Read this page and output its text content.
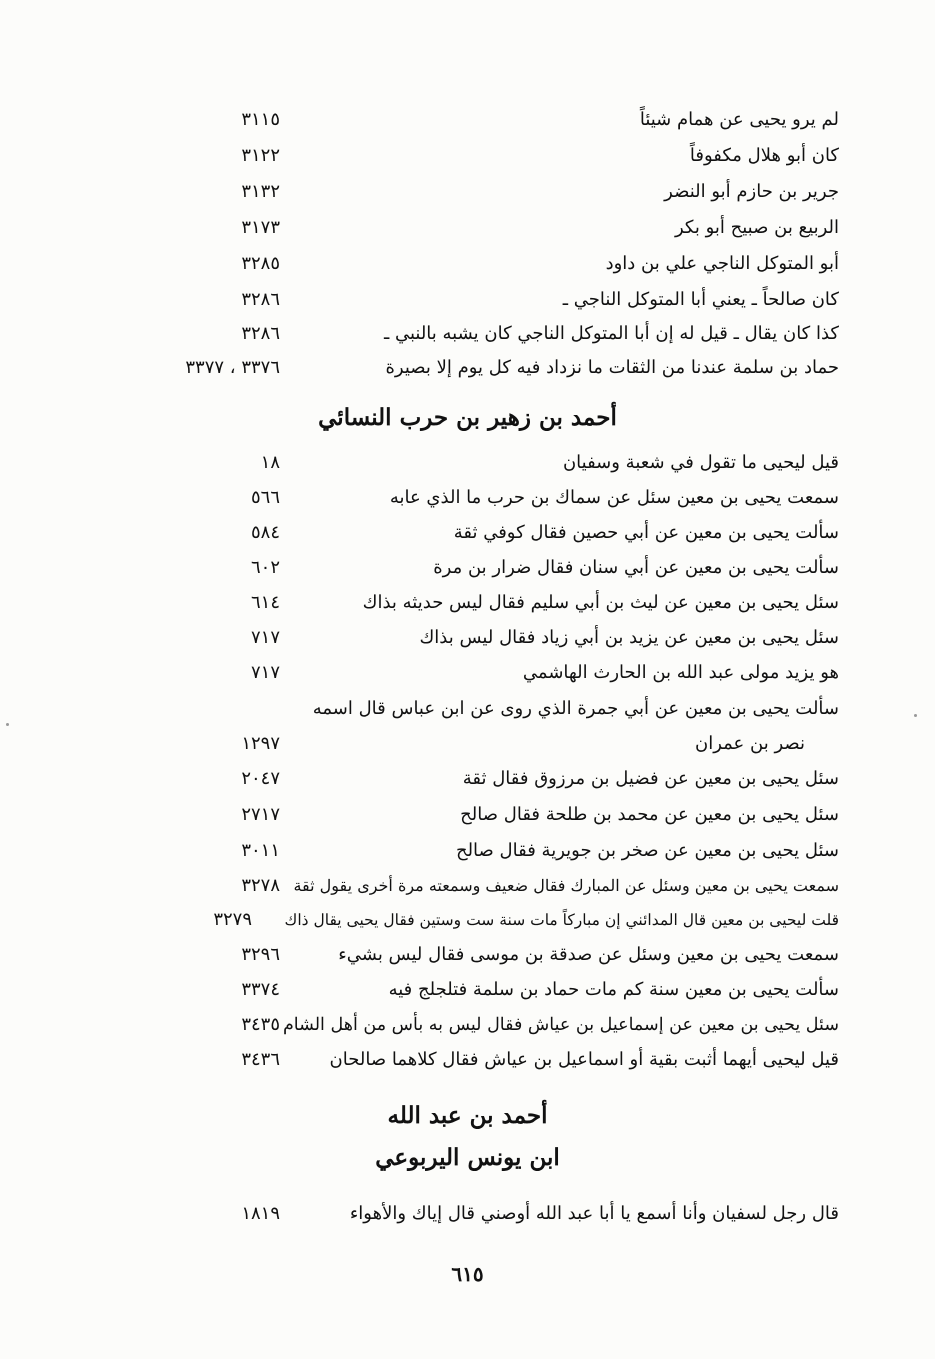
لم يرو يحيى عن همام شيئاً
٣١١٥
كان أبو هلال مكفوفاً
٣١٢٢
جرير بن حازم أبو النضر
٣١٣٢
الربيع بن صبيح أبو بكر
٣١٧٣
أبو المتوكل الناجي علي بن داود
٣٢٨٥
كان صالحاً ـ يعني أبا المتوكل الناجي ـ
٣٢٨٦
كذا كان يقال ـ قيل له إن أبا المتوكل الناجي كان يشبه بالنبي ـ
٣٢٨٦
حماد بن سلمة عندنا من الثقات ما نزداد فيه كل يوم إلا بصيرة
٣٣٧٦ ، ٣٣٧٧
أحمد بن زهير بن حرب النسائي
قيل ليحيى ما تقول في شعبة وسفيان
١٨
سمعت يحيى بن معين سئل عن سماك بن حرب ما الذي عابه
٥٦٦
سألت يحيى بن معين عن أبي حصين فقال كوفي ثقة
٥٨٤
سألت يحيى بن معين عن أبي سنان فقال ضرار بن مرة
٦٠٢
سئل يحيى بن معين عن ليث بن أبي سليم فقال ليس حديثه بذاك
٦١٤
سئل يحيى بن معين عن يزيد بن أبي زياد فقال ليس بذاك
٧١٧
هو يزيد مولى عبد الله بن الحارث الهاشمي
٧١٧
سألت يحيى بن معين عن أبي جمرة الذي روى عن ابن عباس قال اسمه
نصر بن عمران
١٢٩٧
سئل يحيى بن معين عن فضيل بن مرزوق فقال ثقة
٢٠٤٧
سئل يحيى بن معين عن محمد بن طلحة فقال صالح
٢٧١٧
سئل يحيى بن معين عن صخر بن جويرية فقال صالح
٣٠١١
سمعت يحيى بن معين وسئل عن المبارك فقال ضعيف وسمعته مرة أخرى يقول ثقة
٣٢٧٨
قلت ليحيى بن معين قال المدائني إن مباركاً مات سنة ست وستين فقال يحيى يقال ذاك
٣٢٧٩
سمعت يحيى بن معين وسئل عن صدقة بن موسى فقال ليس بشيء
٣٢٩٦
سألت يحيى بن معين سنة كم مات حماد بن سلمة فتلجلج فيه
٣٣٧٤
سئل يحيى بن معين عن إسماعيل بن عياش فقال ليس به بأس من أهل الشام
٣٤٣٥
قيل ليحيى أيهما أثبت بقية أو اسماعيل بن عياش فقال كلاهما صالحان
٣٤٣٦
أحمد بن عبد الله
ابن يونس اليربوعي
قال رجل لسفيان وأنا أسمع يا أبا عبد الله أوصني قال إياك والأهواء
١٨١٩
٦١٥
